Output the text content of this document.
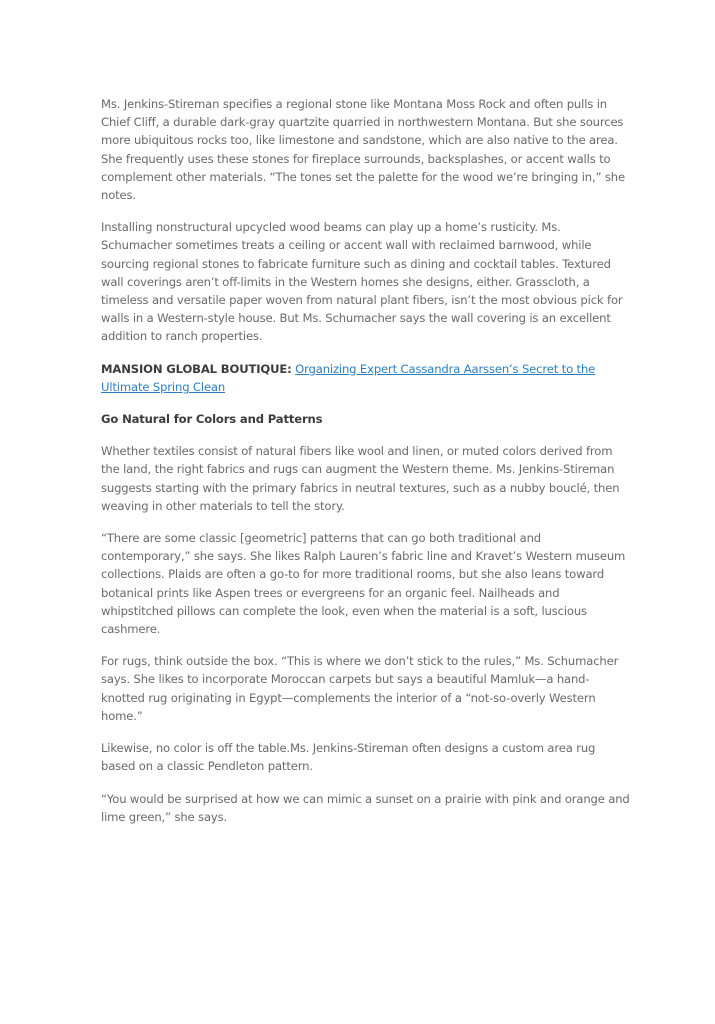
Ms. Jenkins-Stireman specifies a regional stone like Montana Moss Rock and often pulls in Chief Cliff, a durable dark-gray quartzite quarried in northwestern Montana. But she sources more ubiquitous rocks too, like limestone and sandstone, which are also native to the area. She frequently uses these stones for fireplace surrounds, backsplashes, or accent walls to complement other materials. “The tones set the palette for the wood we’re bringing in,” she notes.

Installing nonstructural upcycled wood beams can play up a home’s rusticity. Ms. Schumacher sometimes treats a ceiling or accent wall with reclaimed barnwood, while sourcing regional stones to fabricate furniture such as dining and cocktail tables. Textured wall coverings aren’t off-limits in the Western homes she designs, either. Grasscloth, a timeless and versatile paper woven from natural plant fibers, isn’t the most obvious pick for walls in a Western-style house. But Ms. Schumacher says the wall covering is an excellent addition to ranch properties.

MANSION GLOBAL BOUTIQUE: Organizing Expert Cassandra Aarssen’s Secret to the Ultimate Spring Clean

Go Natural for Colors and Patterns

Whether textiles consist of natural fibers like wool and linen, or muted colors derived from the land, the right fabrics and rugs can augment the Western theme. Ms. Jenkins-Stireman suggests starting with the primary fabrics in neutral textures, such as a nubby bouclé, then weaving in other materials to tell the story.

“There are some classic [geometric] patterns that can go both traditional and contemporary,” she says. She likes Ralph Lauren’s fabric line and Kravet’s Western museum collections. Plaids are often a go-to for more traditional rooms, but she also leans toward botanical prints like Aspen trees or evergreens for an organic feel. Nailheads and whipstitched pillows can complete the look, even when the material is a soft, luscious cashmere.

For rugs, think outside the box. “This is where we don’t stick to the rules,” Ms. Schumacher says. She likes to incorporate Moroccan carpets but says a beautiful Mamluk—a hand-knotted rug originating in Egypt—complements the interior of a “not-so-overly Western home.”

Likewise, no color is off the table.Ms. Jenkins-Stireman often designs a custom area rug based on a classic Pendleton pattern.

“You would be surprised at how we can mimic a sunset on a prairie with pink and orange and lime green,” she says.
